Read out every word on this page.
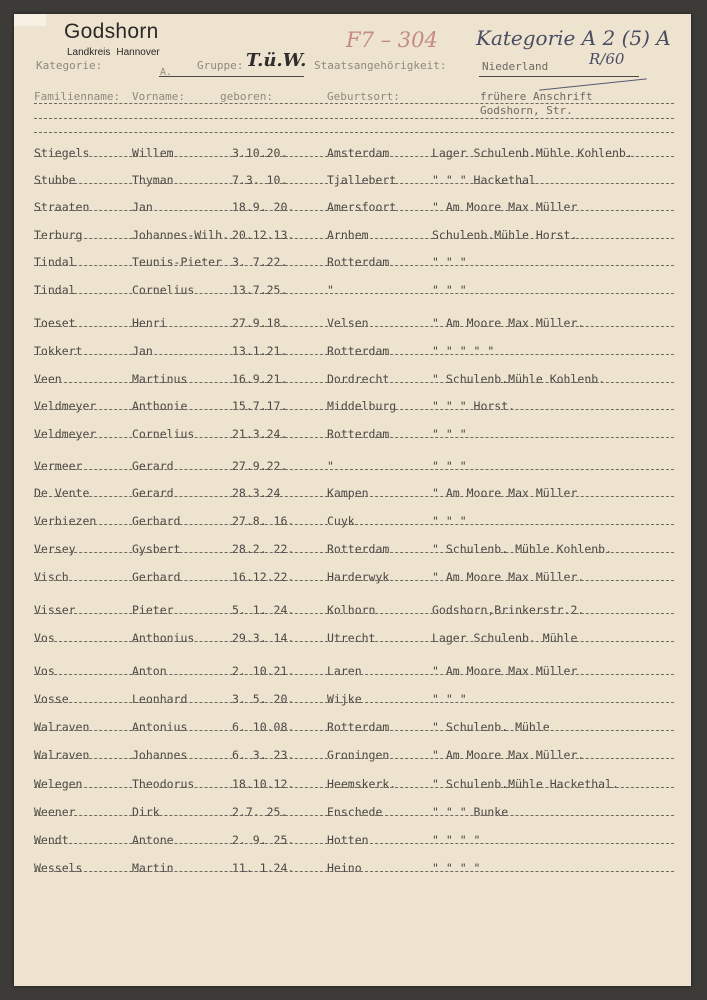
Godshorn
Landkreis Hannover
Kategorie:
A.
Gruppe: T.ü.W. Staatsangehörigkeit:	Niederland
F7 – 304 Kategorie A 2 (5) A
R/60
Familienname: Vorname:	geboren:	Geburtsort:	frühere Anschrift
Godshorn, Str.
Stiegels	Willem	3.10.20.	Amsterdam	Lager Schulenb.Mühle Kohlenb.
Stubbe	Thyman	7.3. 10.	Tjallebert	" " " Hackethal
Straaten	Jan	18.9. 20.	Amersfoort	" Am Moore Max Müller
Terburg	Johannes-Wilh. 20.12.13.	Arnhem	Schulenb.Mühle Horst.
Tindal	Teunis-Pieter 3. 7.22.	Rotterdam	" " "
Tindal	Cornelius	13.7.25.	"	" " "
Toeset	Henri	27.9.18.	Velsen	" Am Moore Max Müller.
Tokkert	Jan	13.1.21.	Rotterdam	" " " " "
Veen	Martinus	16.9.21.	Dordrecht	" Schulenb.Mühle Kohlenb.
Veldmeyer	Anthonie	15.7.17.	Middelburg	" " " Horst.
Veldmeyer	Cornelius	21.3.24.	Rotterdam	" " "
Vermeer	Gerard	27.9.22.	"	" " "
De Vente	Gerard	28.3.24	Kampen	" Am Moore Max Müller
Verbiezen	Gerhard	27.8. 16.	Cuyk	" " "
Versey	Gysbert	28.2. 22.	Rotterdam	" Schulenb. Mühle Kohlenb.
Visch	Gerhard	16.12.22.	Harderwyk	" Am Moore Max Müller.
Visser	Pieter	5. 1. 24.	Kolhorn	Godshorn,Brinkerstr.2.
Vos	Anthonius	29.3. 14.	Utrecht	Lager Schulenb. Mühle
Vos	Anton	2. 10.21.	Laren	" Am Moore Max Müller
Vosse	Leonhard	3. 5. 20.	Wijke	" " "
Walraven	Antonius	6. 10.08.	Rotterdam	" Schulenb. Mühle
Walraven	Johannes	6. 3. 23.	Groningen	" Am Moore Max Müller.
Welegen	Theodorus	18.10.12.	Heemskerk.	" Schulenb.Mühle Hackethal.
Weener	Dirk	2.7. 25.	Enschede	" " " Bunke
Wendt	Antone	2. 9. 25.	Hotten	" " " "
Wessels	Martin	11. 1.24.	Heino	" " " "
